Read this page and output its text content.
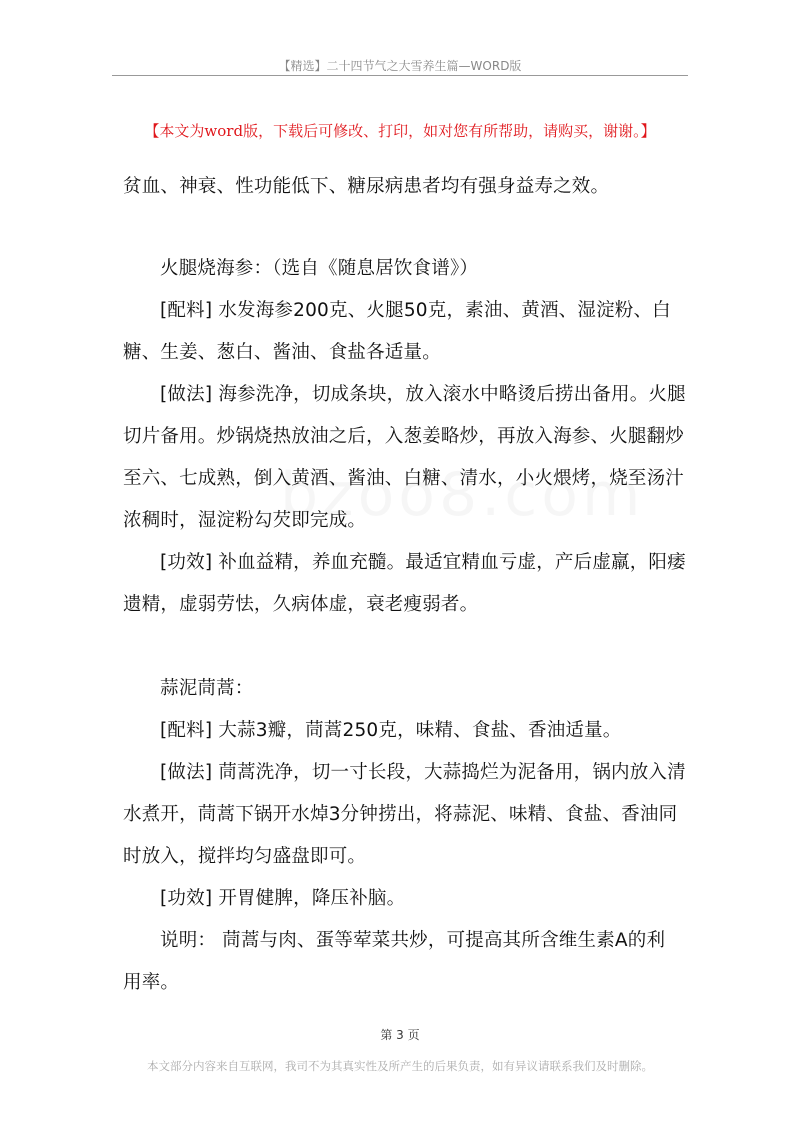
【精选】二十四节气之大雪养生篇—WORD版
【本文为word版，下载后可修改、打印，如对您有所帮助，请购买，谢谢。】
贫血、神衰、性功能低下、糖尿病患者均有强身益寿之效。
火腿烧海参：（选自《随息居饮食谱》）
[配料] 水发海参200克、火腿50克，素油、黄酒、湿淀粉、白
糖、生姜、葱白、酱油、食盐各适量。
[做法] 海参洗净，切成条块，放入滚水中略烫后捞出备用。火腿
切片备用。炒锅烧热放油之后，入葱姜略炒，再放入海参、火腿翻炒
至六、七成熟，倒入黄酒、酱油、白糖、清水，小火煨烤，烧至汤汁
浓稠时，湿淀粉勾芡即完成。
[功效] 补血益精，养血充髓。最适宜精血亏虚，产后虚羸，阳痿
遗精，虚弱劳怯，久病体虚，衰老瘦弱者。
蒜泥茼蒿：
[配料] 大蒜3瓣，茼蒿250克，味精、食盐、香油适量。
[做法] 茼蒿洗净，切一寸长段，大蒜捣烂为泥备用，锅内放入清
水煮开，茼蒿下锅开水焯3分钟捞出，将蒜泥、味精、食盐、香油同
时放入，搅拌均匀盛盘即可。
[功效] 开胃健脾，降压补脑。
说明： 茼蒿与肉、蛋等荤菜共炒，可提高其所含维生素A的利
用率。
第 3 页
本文部分内容来自互联网，我司不为其真实性及所产生的后果负责，如有异议请联系我们及时删除。
